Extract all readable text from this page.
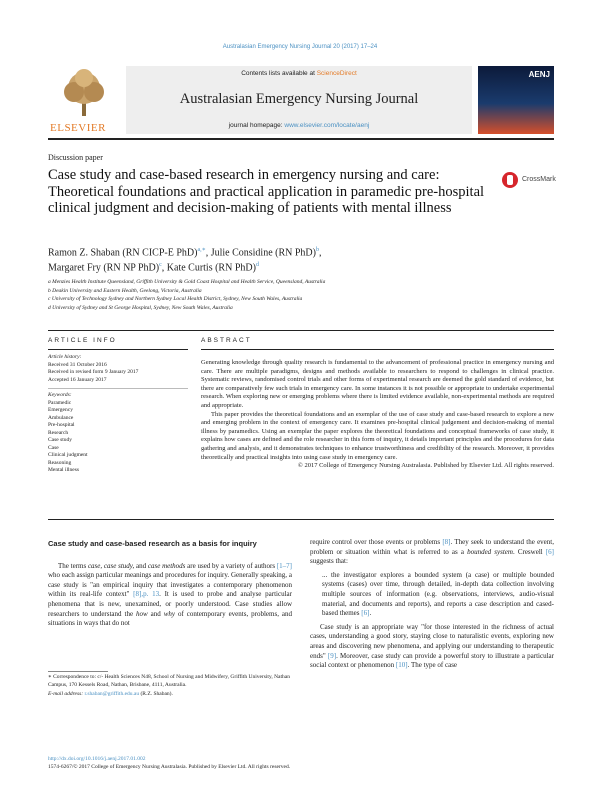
Australasian Emergency Nursing Journal 20 (2017) 17–24
ELSEVIER
Contents lists available at ScienceDirect
Australasian Emergency Nursing Journal
journal homepage: www.elsevier.com/locate/aenj
AENJ
Discussion paper
Case study and case-based research in emergency nursing and care: Theoretical foundations and practical application in paramedic pre-hospital clinical judgment and decision-making of patients with mental illness
CrossMark
Ramon Z. Shaban (RN CICP-E PhD)$^{a,∗}$, Julie Considine (RN PhD)$^b$,
Margaret Fry (RN NP PhD)$^c$, Kate Curtis (RN PhD)$^d$
a Menzies Health Institute Queensland, Griffith University & Gold Coast Hospital and Health Service, Queensland, Australia
b Deakin University and Eastern Health, Geelong, Victoria, Australia
c University of Technology Sydney and Northern Sydney Local Health District, Sydney, New South Wales, Australia
d University of Sydney and St George Hospital, Sydney, New South Wales, Australia
ARTICLE INFO
Article history:
Received 31 October 2016
Received in revised form 9 January 2017
Accepted 16 January 2017
Keywords:
Paramedic
Emergency
Ambulance
Pre-hospital
Research
Case study
Case
Clinical judgment
Reasoning
Mental illness
ABSTRACT

Generating knowledge through quality research is fundamental to the advancement of professional practice in emergency nursing and care. There are multiple paradigms, designs and methods available to researchers to respond to challenges in clinical practice. Systematic reviews, randomised control trials and other forms of experimental research are deemed the gold standard of evidence, but there are comparatively few such trials in emergency care. In some instances it is not possible or appropriate to undertake experimental research. When exploring new or emerging problems where there is limited evidence available, non-experimental methods are required and appropriate.

This paper provides the theoretical foundations and an exemplar of the use of case study and case-based research to explore a new and emerging problem in the context of emergency care. It examines pre-hospital clinical judgement and decision-making of mental illness by paramedics. Using an exemplar the paper explores the theoretical foundations and conceptual frameworks of case study, it explains how cases are defined and the role researcher in this form of inquiry, it details important principles and the procedures for data gathering and analysis, and it demonstrates techniques to enhance trustworthiness and credibility of the research. Moreover, it provides theoretically and practical insights into using case study in emergency care.

© 2017 College of Emergency Nursing Australasia. Published by Elsevier Ltd. All rights reserved.

Case study and case-based research as a basis for inquiry

The terms case, case study, and case methods are used by a variety of authors [1–7] who each assign particular meanings and procedures for inquiry. Generally speaking, a case study is "an empirical inquiry that investigates a contemporary phenomenon within its real-life context" [8],p. 13. It is used to probe and analyse particular phenomena that is new, unexamined, or poorly understood. Case studies allow researchers to understand the how and why of contemporary events, problems, and situations in ways that do not

∗ Correspondence to: c/- Health Sciences N48, School of Nursing and Midwifery, Griffith University, Nathan Campus, 170 Kessels Road, Nathan, Brisbane, 4111, Australia.
E-mail address: r.shaban@griffith.edu.au (R.Z. Shaban).

require control over those events or problems [8]. They seek to understand the event, problem or situation within what is referred to as a bounded system. Creswell [6] suggests that:

... the investigator explores a bounded system (a case) or multiple bounded systems (cases) over time, through detailed, in-depth data collection involving multiple sources of information (e.g. observations, interviews, audio-visual material, and documents and reports), and reports a case description and cased-based themes [6].

Case study is an appropriate way "for those interested in the richness of actual cases, understanding a good story, staying close to naturalistic events, exploring new areas and discovering new phenomena, and applying our understanding to therapeutic ends" [9]. Moreover, case study can provide a powerful story to illustrate a particular social context or phenomenon [10]. The type of case

http://dx.doi.org/10.1016/j.aenj.2017.01.002
1574-6267/© 2017 College of Emergency Nursing Australasia. Published by Elsevier Ltd. All rights reserved.
